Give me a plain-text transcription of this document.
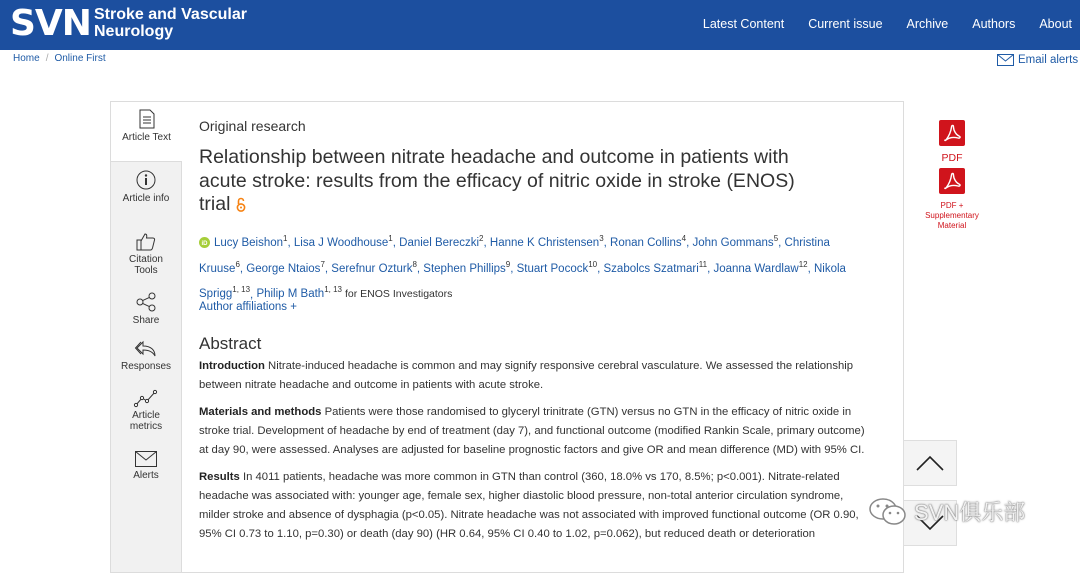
SVN Stroke and Vascular Neurology	Latest Content Current issue Archive Authors About
Home / Online First	Email alerts
Article Text
Article info
Citation Tools
Share
Responses
Article metrics
Alerts
Original research
Relationship between nitrate headache and outcome in patients with acute stroke: results from the efficacy of nitric oxide in stroke (ENOS) trial
PDF
PDF +
Supplementary
Material
iD Lucy Beishon$^1$, Lisa J Woodhouse$^1$, Daniel Bereczki$^2$, Hanne K Christensen$^3$, Ronan Collins$^4$, John Gommans$^5$, Christina Kruuse$^6$, George Ntaios$^7$, Serefnur Ozturk$^8$, Stephen Phillips$^9$, Stuart Pocock$^{10}$, Szabolcs Szatmari$^{11}$, Joanna Wardlaw$^{12}$, Nikola Sprigg$^{1, 13}$, Philip M Bath$^{1, 13}$ for ENOS Investigators
Author affiliations +
Abstract

Introduction Nitrate-induced headache is common and may signify responsive cerebral vasculature. We assessed the relationship between nitrate headache and outcome in patients with acute stroke.

Materials and methods Patients were those randomised to glyceryl trinitrate (GTN) versus no GTN in the efficacy of nitric oxide in stroke trial. Development of headache by end of treatment (day 7), and functional outcome (modified Rankin Scale, primary outcome) at day 90, were assessed. Analyses are adjusted for baseline prognostic factors and give OR and mean difference (MD) with 95% CI.

Results In 4011 patients, headache was more common in GTN than control (360, 18.0% vs 170, 8.5%; p<0.001). Nitrate-related headache was associated with: younger age, female sex, higher diastolic blood pressure, non-total anterior circulation syndrome, milder stroke and absence of dysphagia (p<0.05). Nitrate headache was not associated with improved functional outcome (OR 0.90, 95% CI 0.73 to 1.10, p=0.30) or death (day 90) (HR 0.64, 95% CI 0.40 to 1.02, p=0.062), but reduced death or deterioration

SVN俱乐部
